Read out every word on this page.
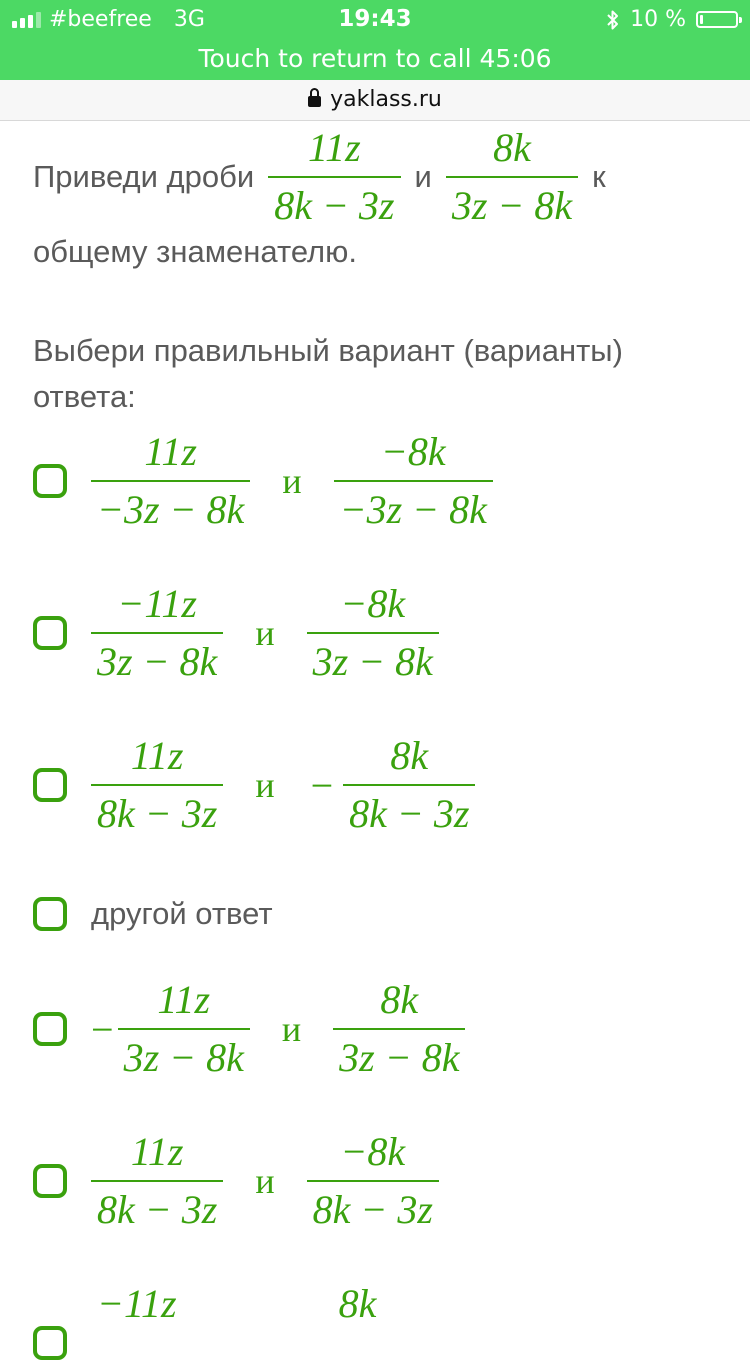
#beefree 3G	19:43	10 %
Touch to return to call 45:06
yaklass.ru
Приведи дроби $\frac{11z}{8k - 3z}$ и $\frac{8k}{3z - 8k}$ к
общему знаменателю.
Выбери правильный вариант (варианты) ответа:
$\frac{11z}{-3z - 8k}$ и $\frac{-8k}{-3z - 8k}$
$\frac{-11z}{3z - 8k}$ и $\frac{-8k}{3z - 8k}$
$\frac{11z}{8k - 3z}$ $и - \frac{8k}{8k - 3z}$
другой ответ
− $\frac{11z}{3z - 8k}$ и $\frac{8k}{3z - 8k}$
$\frac{11z}{8k - 3z}$ и $\frac{-8k}{8k - 3z}$
−11z	8k
